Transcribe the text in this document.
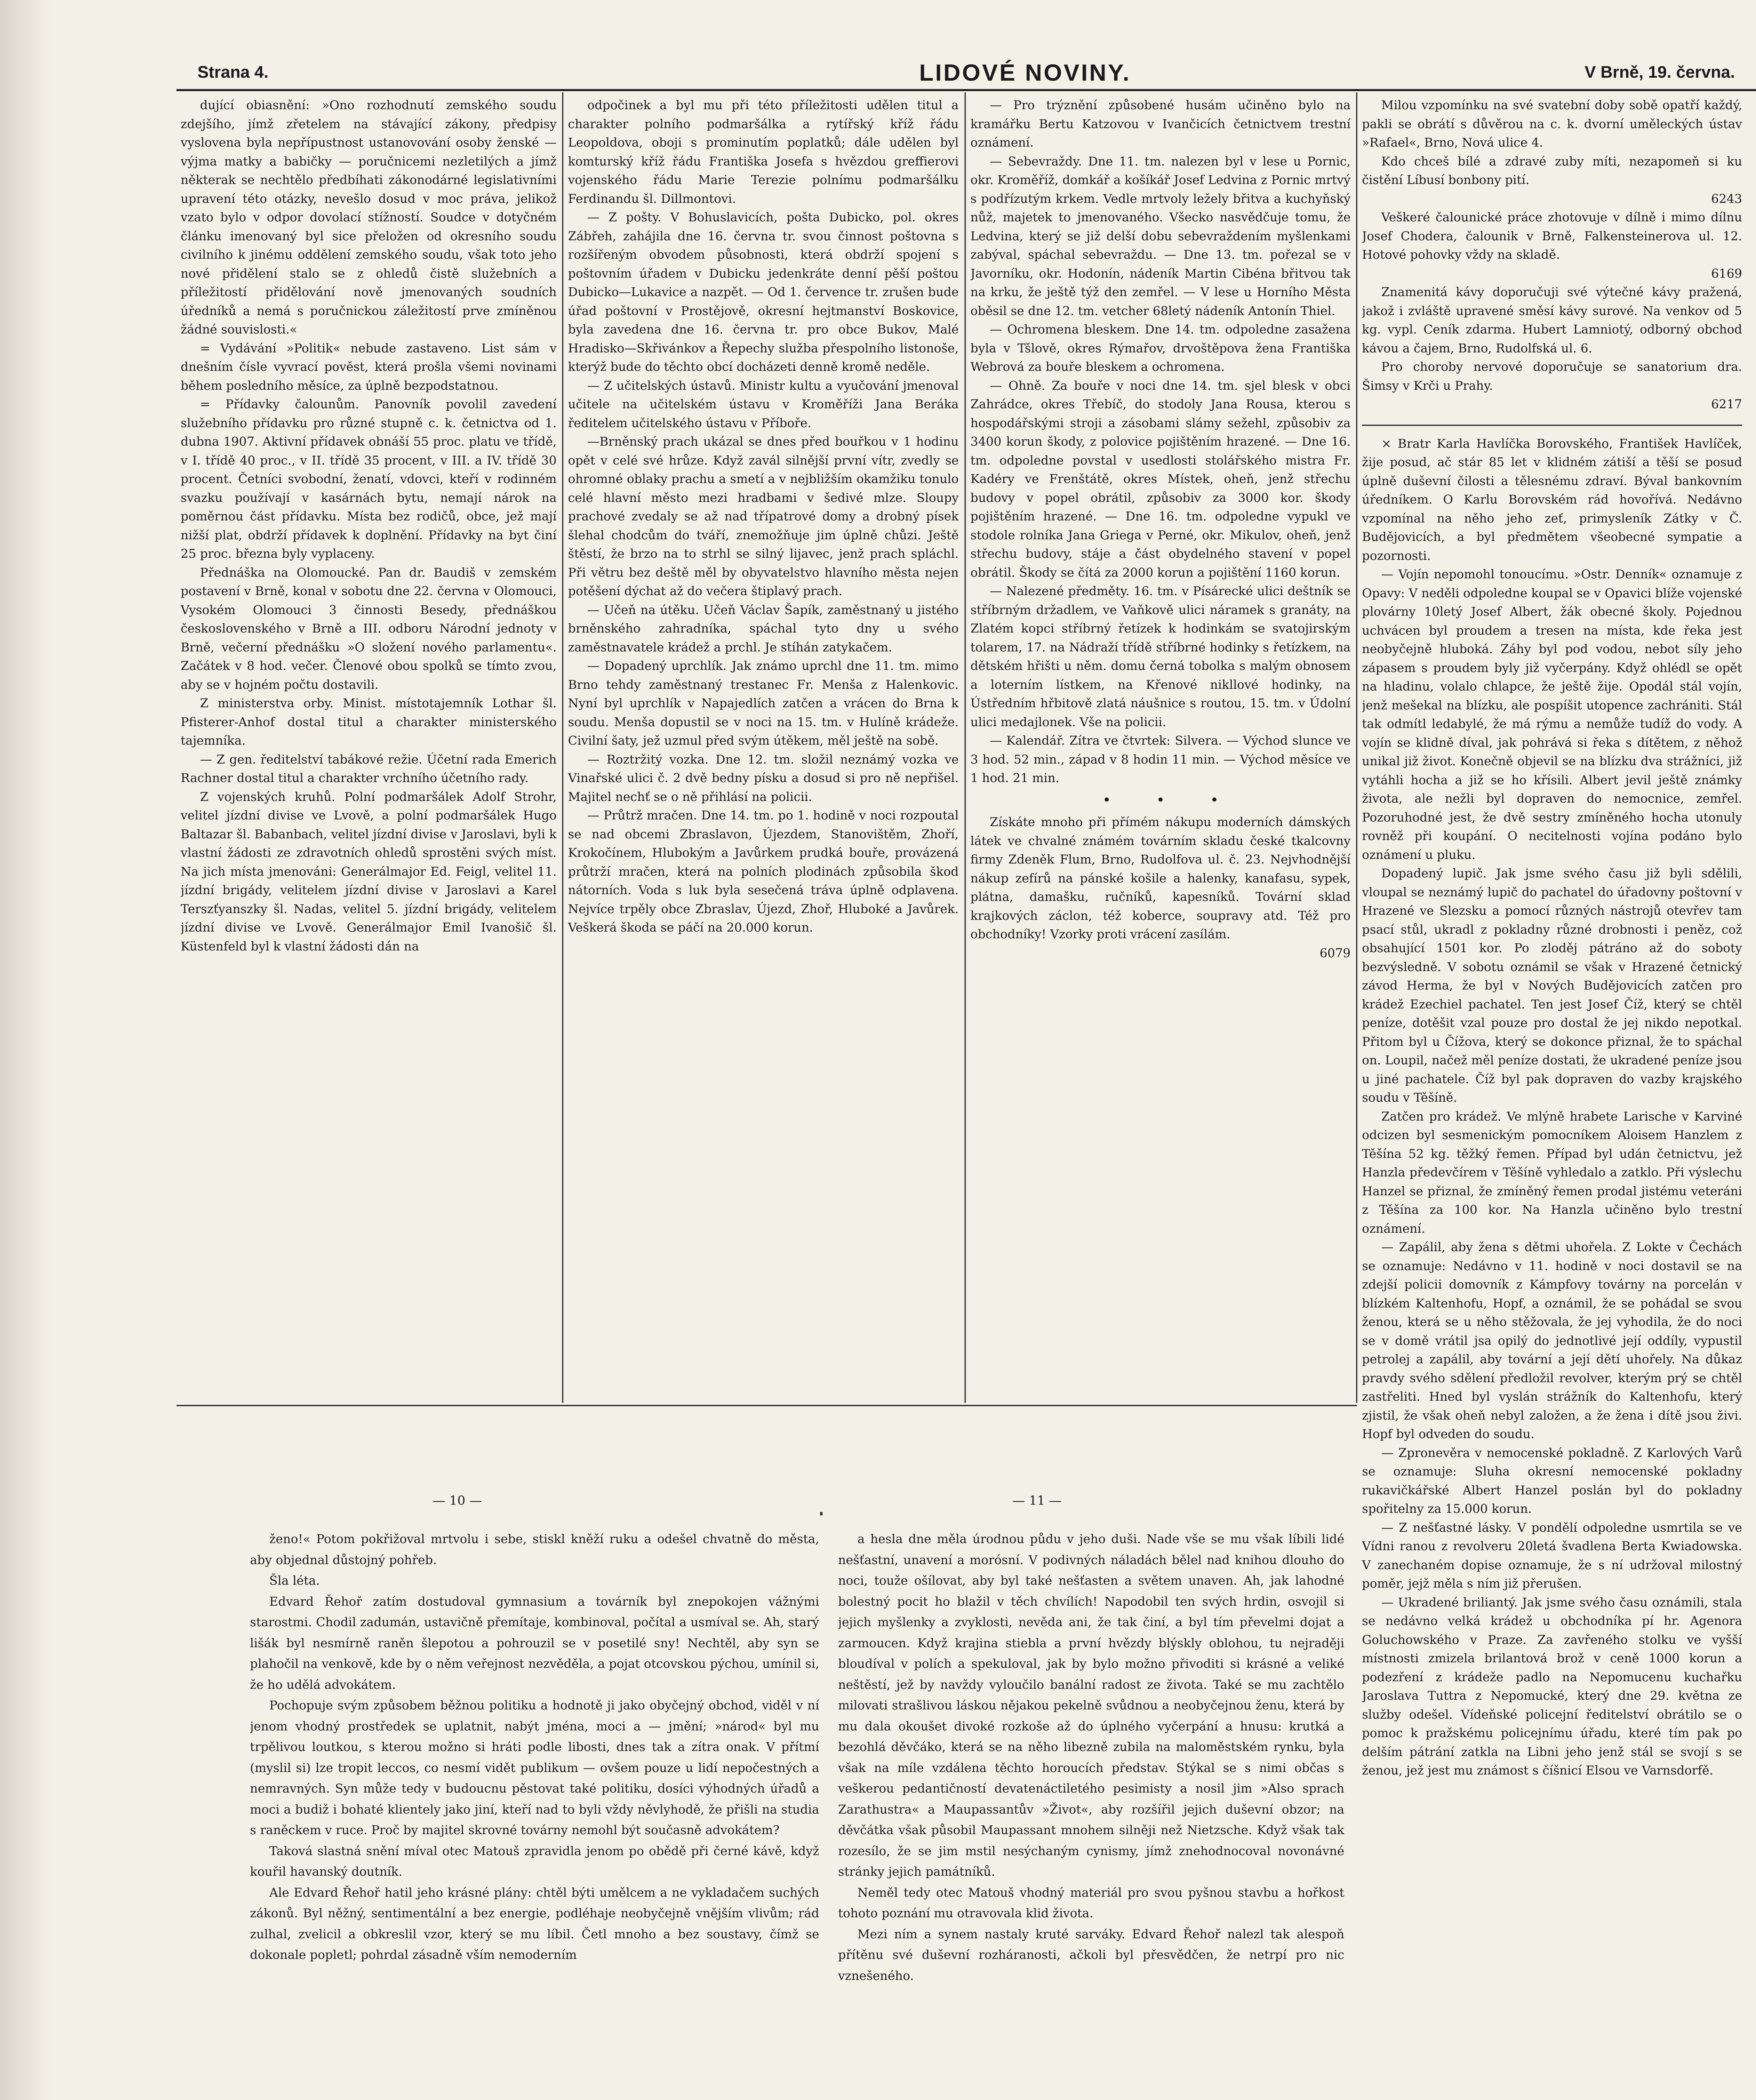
Strana 4.	LIDOVÉ NOVINY.	V Brně, 19. června.

dující obiasnění: »Ono rozhodnutí zemského soudu zdejšího, jímž zřetelem na stávající zákony, předpisy vyslovena byla nepřípustnost ustanovování osoby ženské — výjma matky a babičky — poručnicemi nezletilých a jímž některak se nechtělo předbíhati zákonodárné legislativními upravení této otázky, nevešlo dosud v moc práva, jelikož vzato bylo v odpor dovolací stížností. Soudce v dotyčném článku imenovaný byl sice přeložen od okresního soudu civilního k jinému oddělení zemského soudu, však toto jeho nové přidělení stalo se z ohledů čistě služebních a příležitostí přidělování nově jmenovaných soudních úředníků a nemá s poručnickou záležitostí prve zmíněnou žádné souvislosti.«

= Vydávání »Politik« nebude zastaveno. List sám v dnešním čísle vyvrací pověst, která prošla všemi novinami během posledního měsíce, za úplně bezpodstatnou.

= Přídavky čalounům. Panovník povolil zavedení služebního přídavku pro různé stupně c. k. četnictva od 1. dubna 1907. Aktivní přídavek obnáší 55 proc. platu ve třídě, v I. třídě 40 proc., v II. třídě 35 procent, v III. a IV. třídě 30 procent. Četníci svobodní, ženatí, vdovci, kteří v rodinném svazku používají v kasárnách bytu, nemají nárok na poměrnou část přídavku. Místa bez rodičů, obce, jež mají nižší plat, obdrží přídavek k doplnění. Přídavky na byt činí 25 proc. března byly vyplaceny.

Přednáška na Olomoucké. Pan dr. Baudiš v zemském postavení v Brně, konal v sobotu dne 22. června v Olomouci, Vysokém Olomouci 3 činnosti Besedy, přednáškou československého v Brně a III. odboru Národní jednoty v Brně, večerní přednášku »O složení nového parlamentu«. Začátek v 8 hod. večer. Členové obou spolků se tímto zvou, aby se v hojném počtu dostavili.

Z ministerstva orby. Minist. místotajemník Lothar šl. Pfisterer-Anhof dostal titul a charakter ministerského tajemníka.

— Z gen. ředitelství tabákové režie. Účetní rada Emerich Rachner dostal titul a charakter vrchního účetního rady.

Z vojenských kruhů. Polní podmaršálek Adolf Strohr, velitel jízdní divise ve Lvově, a polní podmaršálek Hugo Baltazar šl. Babanbach, velitel jízdní divise v Jaroslavi, byli k vlastní žádosti ze zdravotních ohledů sprostěni svých míst. Na jich místa jmenováni: Generálmajor Ed. Feigl, velitel 11. jízdní brigády, velitelem jízdní divise v Jaroslavi a Karel Terszťyanszky šl. Nadas, velitel 5. jízdní brigády, velitelem jízdní divise ve Lvově. Generálmajor Emil Ivanošič šl. Küstenfeld byl k vlastní žádosti dán na

odpočinek a byl mu při této příležitosti udělen titul a charakter polního podmaršálka a rytířský kříž řádu Leopoldova, oboji s prominutím poplatků; dále udělen byl komturský kříž řádu Františka Josefa s hvězdou greffierovi vojenského řádu Marie Terezie polnímu podmaršálku Ferdinandu šl. Dillmontovi.

— Z pošty. V Bohuslavicích, pošta Dubicko, pol. okres Zábřeh, zahájila dne 16. června tr. svou činnost poštovna s rozšířeným obvodem působnosti, která obdrží spojení s poštovním úřadem v Dubicku jedenkráte denní pěší poštou Dubicko—Lukavice a nazpět. — Od 1. července tr. zrušen bude úřad poštovní v Prostějově, okresní hejtmanství Boskovice, byla zavedena dne 16. června tr. pro obce Bukov, Malé Hradisko—Skřivánkov a Řepechy služba přespolního listonoše, kterýž bude do těchto obcí docházeti denně kromě neděle.

— Z učitelských ústavů. Ministr kultu a vyučování jmenoval učitele na učitelském ústavu v Kroměříži Jana Beráka ředitelem učitelského ústavu v Příboře.

—Brněnský prach ukázal se dnes před bouřkou v 1 hodinu opět v celé své hrůze. Když zavál silnější první vítr, zvedly se ohromné oblaky prachu a smetí a v nejbližším okamžiku tonulo celé hlavní město mezi hradbami v šedivé mlze. Sloupy prachové zvedaly se až nad třípatrové domy a drobný písek šlehal chodcům do tváří, znemožňuje jim úplně chůzi. Ještě štěstí, že brzo na to strhl se silný lijavec, jenž prach spláchl. Při větru bez deště měl by obyvatelstvo hlavního města nejen potěšení dýchat až do večera štiplavý prach.

— Učeň na útěku. Učeň Václav Šapík, zaměstnaný u jistého brněnského zahradníka, spáchal tyto dny u svého zaměstnavatele krádež a prchl. Je stíhán zatykačem.

— Dopadený uprchlík. Jak známo uprchl dne 11. tm. mimo Brno tehdy zaměstnaný trestanec Fr. Menša z Halenkovic. Nyní byl uprchlík v Napajedlích zatčen a vrácen do Brna k soudu. Menša dopustil se v noci na 15. tm. v Hulíně krádeže. Civilní šaty, jež uzmul před svým útěkem, měl ještě na sobě.

— Roztržitý vozka. Dne 12. tm. složil neznámý vozka ve Vinařské ulici č. 2 dvě bedny písku a dosud si pro ně nepřišel. Majitel nechť se o ně přihlásí na policii.

— Průtrž mračen. Dne 14. tm. po 1. hodině v noci rozpoutal se nad obcemi Zbraslavon, Újezdem, Stanovištěm, Zhoří, Krokočínem, Hlubokým a Javůrkem prudká bouře, provázená průtrží mračen, která na polních plodinách způsobila škod nátorních. Voda s luk byla sesečená tráva úplně odplavena. Nejvíce trpěly obce Zbraslav, Újezd, Zhoř, Hluboké a Javůrek. Veškerá škoda se páčí na 20.000 korun.

— Pro trýznění způsobené husám učiněno bylo na kramářku Bertu Katzovou v Ivančicích četnictvem trestní oznámení.

— Sebevraždy. Dne 11. tm. nalezen byl v lese u Pornic, okr. Kroměříž, domkář a košíkář Josef Ledvina z Pornic mrtvý s podřízutým krkem. Vedle mrtvoly ležely břitva a kuchyňský nůž, majetek to jmenovaného. Všecko nasvědčuje tomu, že Ledvina, který se již delší dobu sebevraždením myšlenkami zabýval, spáchal sebevraždu. — Dne 13. tm. pořezal se v Javorníku, okr. Hodonín, nádeník Martin Cibéna břitvou tak na krku, že ještě týž den zemřel. — V lese u Horního Města oběsil se dne 12. tm. vetcher 68letý nádeník Antonín Thiel.

— Ochromena bleskem. Dne 14. tm. odpoledne zasažena byla v Tšlově, okres Rýmařov, drvoštěpova žena Františka Webrová za bouře bleskem a ochromena.

— Ohně. Za bouře v noci dne 14. tm. sjel blesk v obci Zahrádce, okres Třebíč, do stodoly Jana Rousa, kterou s hospodářskými stroji a zásobami slámy sežehl, způsobiv za 3400 korun škody, z polovice pojištěním hrazené. — Dne 16. tm. odpoledne povstal v usedlosti stolářského mistra Fr. Kadéry ve Frenštátě, okres Místek, oheň, jenž střechu budovy v popel obrátil, způsobiv za 3000 kor. škody pojištěním hrazené. — Dne 16. tm. odpoledne vypukl ve stodole rolníka Jana Griega v Perné, okr. Mikulov, oheň, jenž střechu budovy, stáje a část obydelného stavení v popel obrátil. Škody se čítá za 2000 korun a pojištění 1160 korun.

— Nalezené předměty. 16. tm. v Písárecké ulici deštník se stříbrným držadlem, ve Vaňkově ulici náramek s granáty, na Zlatém kopci stříbrný řetízek k hodinkám se svatojirským tolarem, 17. na Nádraží třídě stříbrné hodinky s řetízkem, na dětském hřišti u něm. domu černá tobolka s malým obnosem a loterním lístkem, na Křenové nikllové hodinky, na Ústředním hřbitově zlatá náušnice s routou, 15. tm. v Údolní ulici medajlonek. Vše na policii.

— Kalendář. Zítra ve čtvrtek: Silvera. — Východ slunce ve 3 hod. 52 min., západ v 8 hodin 11 min. — Východ měsíce ve 1 hod. 21 min.

•          •          •

Získáte mnoho při přímém nákupu moderních dámských látek ve chvalné známém továrním skladu české tkalcovny firmy Zdeněk Flum, Brno, Rudolfova ul. č. 23. Nejvhodnější nákup zefírů na pánské košile a halenky, kanafasu, sypek, plátna, damašku, ručníků, kapesníků. Tovární sklad krajkových záclon, též koberce, soupravy atd. Též pro obchodníky! Vzorky proti vrácení zasílám.

6079

Milou vzpomínku na své svatební doby sobě opatří každý, pakli se obrátí s důvěrou na c. k. dvorní uměleckých ústav »Rafael«, Brno, Nová ulice 4.

Kdo chceš bílé a zdravé zuby míti, nezapomeň si ku čistění Líbusí bonbony pití.

6243

Veškeré čalounické práce zhotovuje v dílně i mimo dílnu Josef Chodera, čalounik v Brně, Falkensteinerova ul. 12. Hotové pohovky vždy na skladě.

6169

Znamenitá kávy doporučuji své výtečné kávy pražená, jakož i zvláště upravené směsí kávy surové. Na venkov od 5 kg. vypl. Ceník zdarma. Hubert Lamniotý, odborný obchod kávou a čajem, Brno, Rudolfská ul. 6.

Pro choroby nervové doporučuje se sanatorium dra. Šimsy v Krči u Prahy.

6217

× Bratr Karla Havlíčka Borovského, František Havlíček, žije posud, ač stár 85 let v klidném zátiší a těší se posud úplně duševní čilosti a tělesnému zdraví. Býval bankovním úředníkem. O Karlu Borovském rád hovořívá. Nedávno vzpomínal na něho jeho zeť, primysleník Zátky v Č. Budějovicích, a byl předmětem všeobecné sympatie a pozornosti.

— Vojín nepomohl tonoucímu. »Ostr. Denník« oznamuje z Opavy: V neděli odpoledne koupal se v Opavici blíže vojenské plovárny 10letý Josef Albert, žák obecné školy. Pojednou uchvácen byl proudem a tresen na místa, kde řeka jest neobyčejně hluboká. Záhy byl pod vodou, nebot síly jeho zápasem s proudem byly již vyčerpány. Když ohlédl se opět na hladinu, volalo chlapce, že ještě žije. Opodál stál vojín, jenž mešekal na blízku, ale pospíšit utopence zachrániti. Stál tak odmítl ledabylé, že má rýmu a nemůže tudíž do vody. A vojín se klidně díval, jak pohrává si řeka s dítětem, z něhož unikal již život. Konečně objevil se na blízku dva strážníci, již vytáhli hocha a již se ho křísili. Albert jevil ještě známky života, ale nežli byl dopraven do nemocnice, zemřel. Pozoruhodné jest, že dvě sestry zmíněného hocha utonuly rovněž při koupání. O necitelnosti vojína podáno bylo oznámení u pluku.

Dopadený lupič. Jak jsme svého času již byli sdělili, vloupal se neznámý lupič do pachatel do úřadovny poštovní v Hrazené ve Slezsku a pomocí různých nástrojů otevřev tam psací stůl, ukradl z pokladny různé drobnosti i peněz, což obsahující 1501 kor. Po zloděj pátráno až do soboty bezvýsledně. V sobotu oznámil se však v Hrazené četnický závod Herma, že byl v Nových Budějovicích zatčen pro krádež Ezechiel pachatel. Ten jest Josef Číž, který se chtěl peníze, dotěšit vzal pouze pro dostal že jej nikdo nepotkal. Přitom byl u Čížova, který se dokonce přiznal, že to spáchal on. Loupil, načež měl peníze dostati, že ukradené peníze jsou u jiné pachatele. Číž byl pak dopraven do vazby krajského soudu v Těšíně.

Zatčen pro krádež. Ve mlýně hrabete Larische v Karviné odcizen byl sesmenickým pomocníkem Aloisem Hanzlem z Těšína 52 kg. těžký řemen. Případ byl udán četnictvu, jež Hanzla předevčírem v Těšíně vyhledalo a zatklo. Při výslechu Hanzel se přiznal, že zmíněný řemen prodal jistému veteráni z Těšína za 100 kor. Na Hanzla učiněno bylo trestní oznámení.

— Zapálil, aby žena s dětmi uhořela. Z Lokte v Čechách se oznamuje: Nedávno v 11. hodině v noci dostavil se na zdejší policii domovník z Kámpfovy továrny na porcelán v blízkém Kaltenhofu, Hopf, a oznámil, že se pohádal se svou ženou, která se u něho stěžovala, že jej vyhodila, že do noci se v domě vrátil jsa opilý do jednotlivé její oddíly, vypustil petrolej a zapálil, aby tovární a její dětí uhořely. Na důkaz pravdy svého sdělení předložil revolver, kterým prý se chtěl zastřeliti. Hned byl vyslán strážník do Kaltenhofu, který zjistil, že však oheň nebyl založen, a že žena i dítě jsou živi. Hopf byl odveden do soudu.

— Zpronevěra v nemocenské pokladně. Z Karlových Varů se oznamuje: Sluha okresní nemocenské pokladny rukavičkářské Albert Hanzel poslán byl do pokladny spořitelny za 15.000 korun.

— Z nešťastné lásky. V pondělí odpoledne usmrtila se ve Vídni ranou z revolveru 20letá švadlena Berta Kwiadowska. V zanechaném dopise oznamuje, že s ní udržoval milostný poměr, jejž měla s ním již přerušen.

— Ukradené briliantý. Jak jsme svého času oznámili, stala se nedávno velká krádež u obchodníka pí hr. Agenora Goluchowského v Praze. Za zavřeného stolku ve vyšší místnosti zmizela brilantová brož v ceně 1000 korun a podezření z krádeže padlo na Nepomucenu kuchařku Jaroslava Tuttra z Nepomucké, který dne 29. května ze služby odešel. Vídeňské policejní ředitelství obrátilo se o pomoc k pražskému policejnímu úřadu, které tím pak po delším pátrání zatkla na Libni jeho jenž stál se svojí s se ženou, jež jest mu známost s číšnicí Elsou ve Varnsdorfě.

— 10 —	— 11 —

ženo!« Potom pokřižoval mrtvolu i sebe, stiskl kněží ruku a odešel chvatně do města, aby objednal důstojný pohřeb.

Šla léta.

Edvard Řehoř zatím dostudoval gymnasium a továrník byl znepokojen vážnými starostmi. Chodil zadumán, ustavičně přemítaje, kombinoval, počítal a usmíval se. Ah, starý lišák byl nesmírně raněn šlepotou a pohrouzil se v posetilé sny! Nechtěl, aby syn se plahočil na venkově, kde by o něm veřejnost nezvěděla, a pojat otcovskou pýchou, umínil si, že ho udělá advokátem.

Pochopuje svým způsobem běžnou politiku a hodnotě ji jako obyčejný obchod, viděl v ní jenom vhodný prostředek se uplatnit, nabýt jména, moci a — jmění; »národ« byl mu trpělivou loutkou, s kterou možno si hráti podle libosti, dnes tak a zítra onak. V přítmí (myslil si) lze tropit leccos, co nesmí vidět publikum — ovšem pouze u lidí nepočestných a nemravných. Syn může tedy v budoucnu pěstovat také politiku, dosíci výhodných úřadů a moci a budiž i bohaté klientely jako jiní, kteří nad to byli vždy něvlyhodě, že přišli na studia s raněckem v ruce. Proč by majitel skrovné továrny nemohl být současně advokátem?

Taková slastná snění míval otec Matouš zpravidla jenom po obědě při černé kávě, když kouřil havanský doutník.

Ale Edvard Řehoř hatil jeho krásné plány: chtěl býti umělcem a ne vykladačem suchých zákonů. Byl něžný, sentimentální a bez energie, podléhaje neobyčejně vnějším vlivům; rád zulhal, zvelicil a obkreslil vzor, který se mu líbil. Četl mnoho a bez soustavy, čímž se dokonale popletl; pohrdal zásadně vším nemoderním

a hesla dne měla úrodnou půdu v jeho duši. Nade vše se mu však líbili lidé nešťastní, unavení a morósní. V podivných náladách bělel nad knihou dlouho do noci, touže ošílovat, aby byl také nešťasten a světem unaven. Ah, jak lahodné bolestný pocit ho blažil v těch chvílích! Napodobil ten svých hrdin, osvojil si jejich myšlenky a zvyklosti, nevěda ani, že tak činí, a byl tím převelmi dojat a zarmoucen. Když krajina stiebla a první hvězdy blýskly oblohou, tu nejraději bloudíval v polích a spekuloval, jak by bylo možno přivoditi si krásné a veliké neštěstí, jež by navždy vyloučilo banální radost ze života. Také se mu zachtělo milovati strašlivou láskou nějakou pekelně svůdnou a neobyčejnou ženu, která by mu dala okoušet divoké rozkoše až do úplného vyčerpání a hnusu: krutká a bezohlá děvčáko, která se na něho libezně zubila na maloměstském rynku, byla však na míle vzdálena těchto horoucích představ. Stýkal se s nimi občas s veškerou pedantičností devatenáctiletého pesimisty a nosil jim »Also sprach Zarathustra« a Maupassantův »Život«, aby rozšířil jejich duševní obzor; na děvčátka však působil Maupassant mnohem silněji než Nietzsche. Když však tak rozesílo, že se jim mstil nesýchaným cynismy, jímž znehodnocoval novonávné stránky jejich památníků.

Neměl tedy otec Matouš vhodný materiál pro svou pyšnou stavbu a hořkost tohoto poznání mu otravovala klid života.

Mezi ním a synem nastaly kruté sarváky. Edvard Řehoř nalezl tak alespoň přítěnu své duševní rozháranosti, ačkoli byl přesvědčen, že netrpí pro nic vznešeného.
